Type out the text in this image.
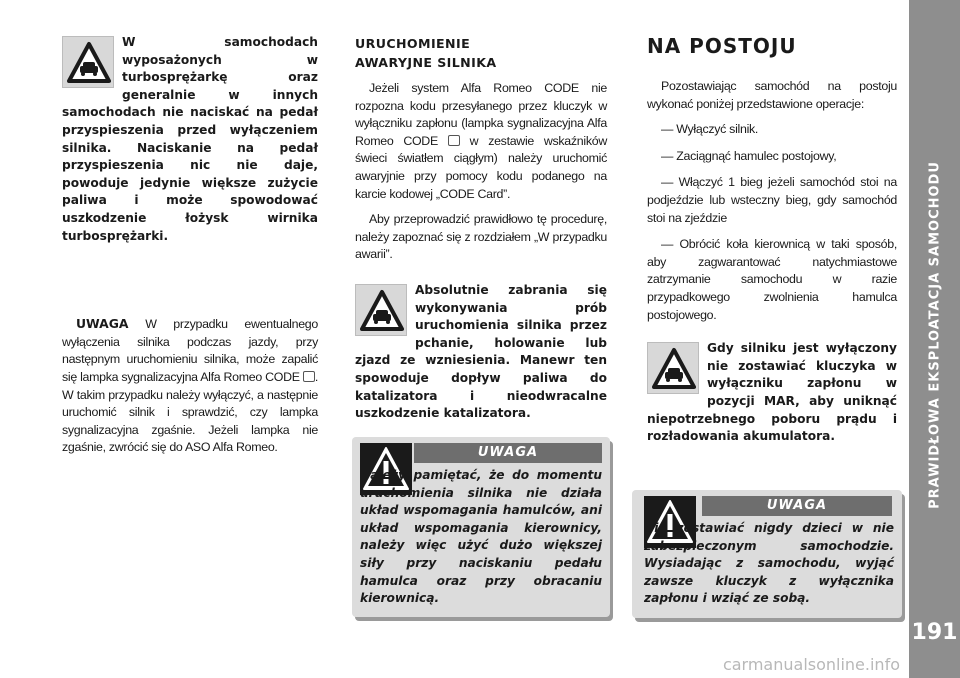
PRAWIDŁOWA EKSPLOATACJA SAMOCHODU
191
W samochodach wyposażonych w turbosprężarkę oraz generalnie w innych samochodach nie naciskać na pedał przyspieszenia przed wyłączeniem silnika. Naciskanie na pedał przyspieszenia nic nie daje, powoduje jedynie większe zużycie paliwa i może spowodować uszkodzenie łożysk wirnika turbosprężarki.

UWAGA W przypadku ewentualnego wyłączenia silnika podczas jazdy, przy następnym uruchomieniu silnika, może zapalić się lampka sygnalizacyjna Alfa Romeo CODE . W takim przypadku należy wyłączyć, a następnie uruchomić silnik i sprawdzić, czy lampka sygnalizacyjna zgaśnie. Jeżeli lampka nie zgaśnie, zwrócić się do ASO Alfa Romeo.

URUCHOMIENIE
AWARYJNE SILNIKA

Jeżeli system Alfa Romeo CODE nie rozpozna kodu przesyłanego przez kluczyk w wyłączniku zapłonu (lampka sygnalizacyjna Alfa Romeo CODE	w zestawie wskaźników świeci światłem ciągłym) należy uruchomić awaryjnie przy pomocy kodu podanego na karcie kodowej „CODE Card”.

Aby przeprowadzić prawidłowo tę procedurę, należy zapoznać się z rozdziałem „W przypadku awarii”.

Absolutnie zabrania się wykonywania prób uruchomienia silnika przez pchanie, holowanie lub zjazd ze wzniesienia. Manewr ten spowoduje dopływ paliwa do katalizatora i nieodwracalne uszkodzenie katalizatora.
UWAGA
Należy pamiętać, że do momentu uruchomienia silnika nie działa układ wspomagania hamulców, ani układ wspomagania kierownicy, należy więc użyć dużo większej siły przy naciskaniu pedału hamulca oraz przy obracaniu kierownicą.
NA POSTOJU

Pozostawiając samochód na postoju wykonać poniżej przedstawione operacje:

— Wyłączyć silnik.

— Zaciągnąć hamulec postojowy,

— Włączyć 1 bieg jeżeli samochód stoi na podjeździe lub wsteczny bieg, gdy samochód stoi na zjeździe

— Obrócić koła kierownicą w taki sposób, aby zagwarantować natychmiastowe zatrzymanie samochodu w razie przypadkowego zwolnienia hamulca postojowego.

Gdy silniku jest wyłączony nie zostawiać kluczyka w wyłączniku zapłonu w pozycji MAR, aby uniknąć niepotrzebnego poboru prądu i rozładowania akumulatora.
UWAGA
Nie zostawiać nigdy dzieci w nie zabezpieczonym samochodzie. Wysiadając z samochodu, wyjąć zawsze kluczyk z wyłącznika zapłonu i wziąć ze sobą.
carmanualsonline.info
